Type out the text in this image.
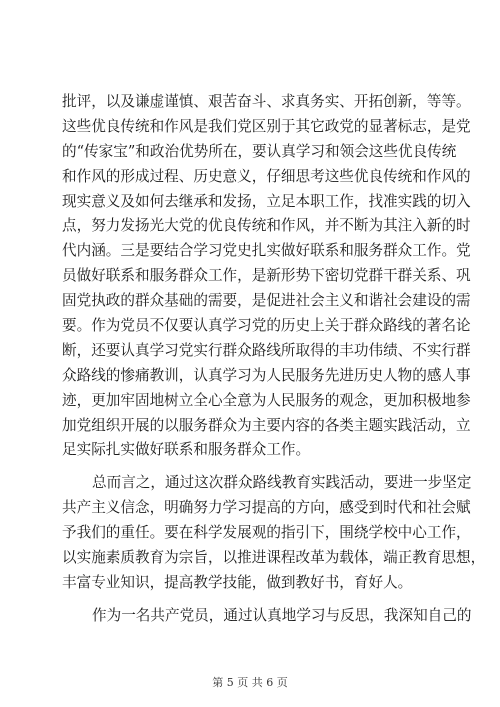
批评，以及谦虚谨慎、艰苦奋斗、求真务实、开拓创新，等等。
这些优良传统和作风是我们党区别于其它政党的显著标志，是党
的“传家宝”和政治优势所在，要认真学习和领会这些优良传统
和作风的形成过程、历史意义，仔细思考这些优良传统和作风的
现实意义及如何去继承和发扬，立足本职工作，找准实践的切入
点，努力发扬光大党的优良传统和作风，并不断为其注入新的时
代内涵。三是要结合学习党史扎实做好联系和服务群众工作。党
员做好联系和服务群众工作，是新形势下密切党群干群关系、巩
固党执政的群众基础的需要，是促进社会主义和谐社会建设的需
要。作为党员不仅要认真学习党的历史上关于群众路线的著名论
断，还要认真学习党实行群众路线所取得的丰功伟绩、不实行群
众路线的惨痛教训，认真学习为人民服务先进历史人物的感人事
迹，更加牢固地树立全心全意为人民服务的观念，更加积极地参
加党组织开展的以服务群众为主要内容的各类主题实践活动，立
足实际扎实做好联系和服务群众工作。
总而言之，通过这次群众路线教育实践活动，要进一步坚定
共产主义信念，明确努力学习提高的方向，感受到时代和社会赋
予我们的重任。要在科学发展观的指引下，围绕学校中心工作，
以实施素质教育为宗旨，以推进课程改革为载体，端正教育思想，
丰富专业知识，提高教学技能，做到教好书，育好人。
作为一名共产党员，通过认真地学习与反思，我深知自己的
第 5 页 共 6 页
